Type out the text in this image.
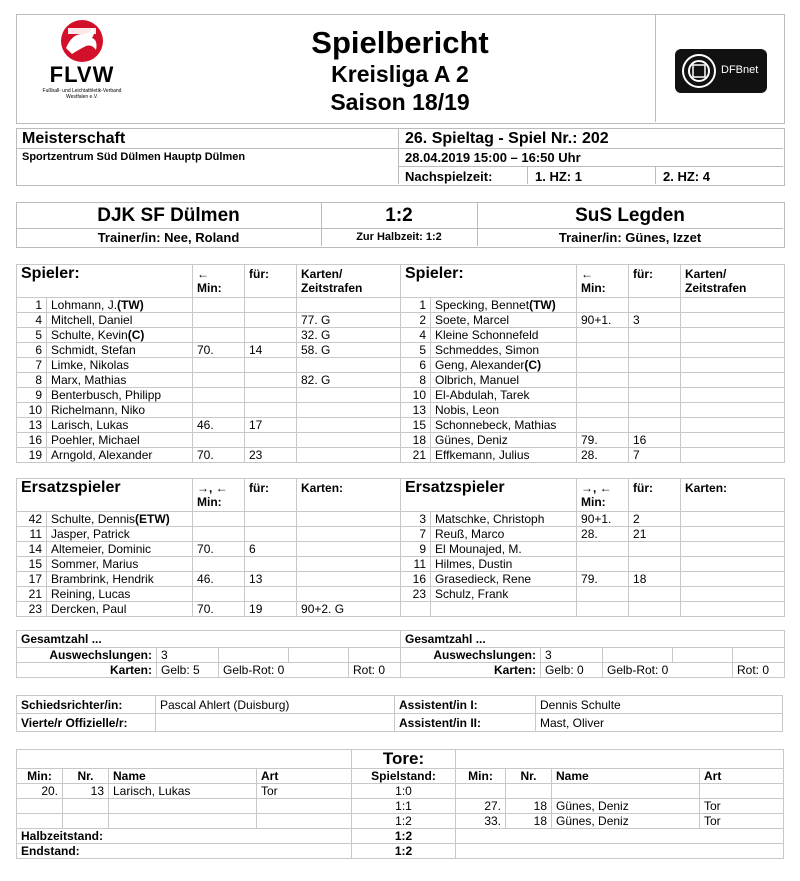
FLVW
Fußball- und Leichtathletik-Verband
Westfalen e.V.
Spielbericht
Kreisliga A 2
Saison 18/19
DFBnet
Meisterschaft
Sportzentrum Süd Dülmen Hauptp Dülmen
26. Spieltag - Spiel Nr.: 202
28.04.2019 15:00 – 16:50 Uhr
Nachspielzeit:	1. HZ: 1	2. HZ: 4
DJK SF Dülmen	1:2	SuS Legden
Trainer/in: Nee, Roland	Zur Halbzeit: 1:2	Trainer/in: Günes, Izzet
Spieler:		←
Min:	für:	Karten/
Zeitstrafen
1	Lohmann, J.(TW)			
4	Mitchell, Daniel			77. G
5	Schulte, Kevin(C)			32. G
6	Schmidt, Stefan	70.	14	58. G
7	Limke, Nikolas			
8	Marx, Mathias			82. G
9	Benterbusch, Philipp			
10	Richelmann, Niko			
13	Larisch, Lukas	46.	17	
16	Poehler, Michael			
19	Arngold, Alexander	70.	23	
Spieler:		←
Min:	für:	Karten/
Zeitstrafen
1	Specking, Bennet(TW)			
2	Soete, Marcel	90+1.	3	
4	Kleine Schonnefeld			
5	Schmeddes, Simon			
6	Geng, Alexander(C)			
8	Olbrich, Manuel			
10	El-Abdulah, Tarek			
13	Nobis, Leon			
15	Schonnebeck, Mathias			
18	Günes, Deniz	79.	16	
21	Effkemann, Julius	28.	7	
Ersatzspieler		→, ←
Min:	für:	Karten:
42	Schulte, Dennis(ETW)			
11	Jasper, Patrick			
14	Altemeier, Dominic	70.	6	
15	Sommer, Marius			
17	Brambrink, Hendrik	46.	13	
21	Reining, Lucas			
23	Dercken, Paul	70.	19	90+2. G
Ersatzspieler		→, ←
Min:	für:	Karten:
3	Matschke, Christoph	90+1.	2	
7	Reuß, Marco	28.	21	
9	El Mounajed, M.			
11	Hilmes, Dustin			
16	Grasedieck, Rene	79.	18	
23	Schulz, Frank			

Gesamtzahl ...				
Auswechslungen:	3			
Karten:	Gelb: 5	Gelb-Rot: 0		Rot: 0
Gesamtzahl ...				
Auswechslungen:	3			
Karten:	Gelb: 0	Gelb-Rot: 0		Rot: 0
Schiedsrichter/in:	Pascal Ahlert (Duisburg)	Assistent/in I:	Dennis Schulte
Vierte/r Offizielle/r:		Assistent/in II:	Mast, Oliver
				Tore:				
Min:	Nr.	Name	Art	Spielstand:	Min:	Nr.	Name	Art
20.	13	Larisch, Lukas	Tor	1:0				
				1:1	27.	18	Günes, Deniz	Tor
				1:2	33.	18	Günes, Deniz	Tor
Halbzeitstand:				1:2				
Endstand:				1:2				
